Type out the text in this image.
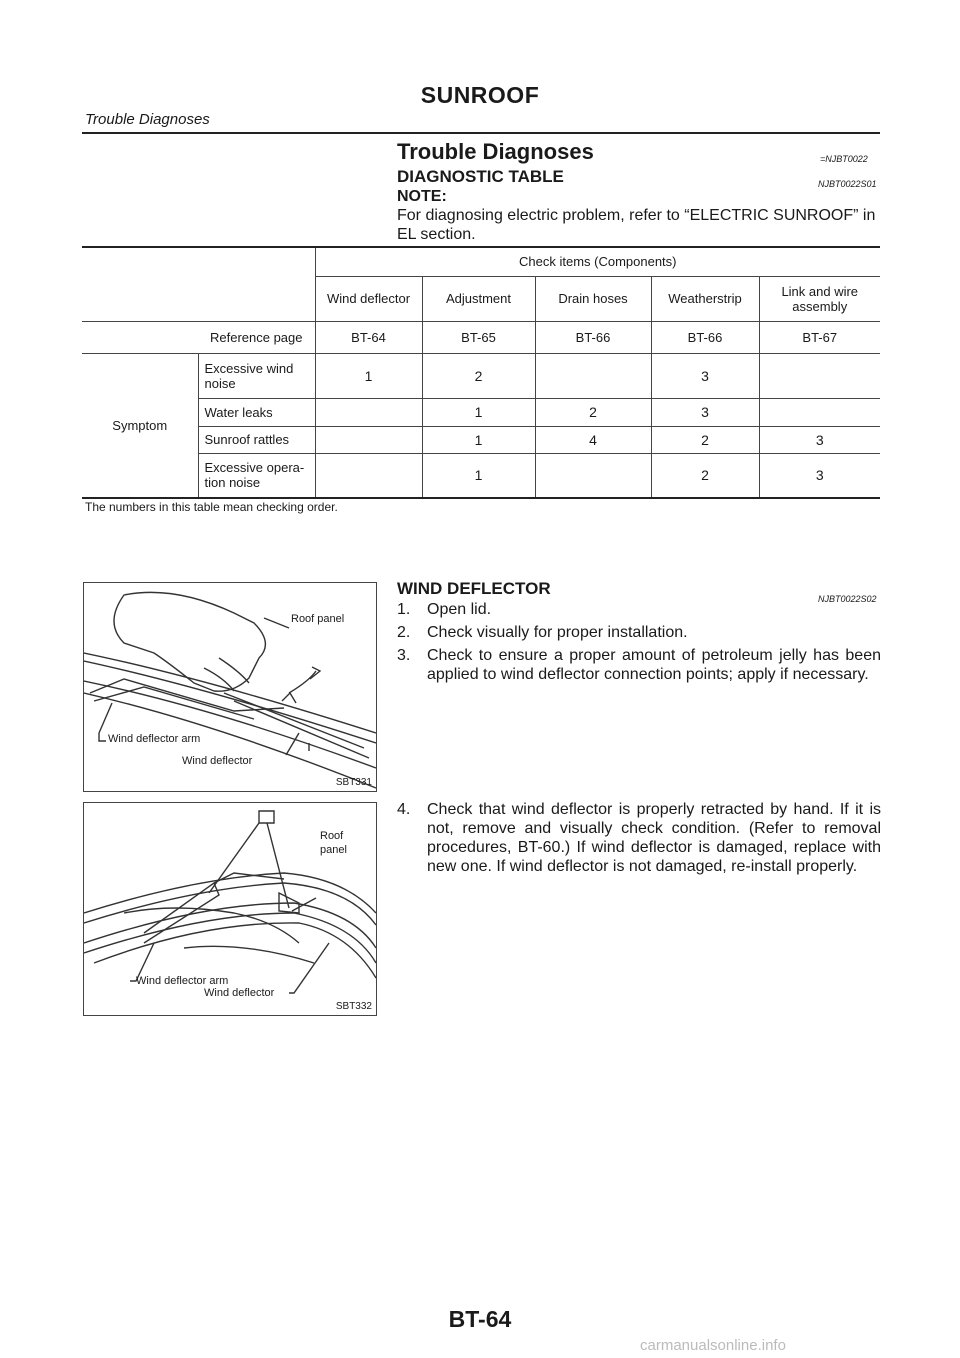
SUNROOF
Trouble Diagnoses
Trouble Diagnoses	=NJBT0022
DIAGNOSTIC TABLE	NJBT0022S01
NOTE:
For diagnosing electric problem, refer to “ELECTRIC SUNROOF” in EL section.
		Check items (Components)				
		Wind deflector	Adjustment	Drain hoses	Weatherstrip	Link and wire assembly
	Reference page	BT-64	BT-65	BT-66	BT-66	BT-67
Symptom	Excessive wind noise	1	2		3	
	Water leaks		1	2	3	
	Sunroof rattles		1	4	2	3
	Excessive opera-tion noise		1		2	3
The numbers in this table mean checking order.
Roof panel
Wind deflector arm
Wind deflector
SBT331
Roof panel
Wind deflector arm
Wind deflector
SBT332
WIND DEFLECTOR
NJBT0022S02
1. Open lid.
2. Check visually for proper installation.
3. Check to ensure a proper amount of petroleum jelly has been applied to wind deflector connection points; apply if necessary.
4. Check that wind deflector is properly retracted by hand. If it is not, remove and visually check condition. (Refer to removal procedures, BT-60.) If wind deflector is damaged, replace with new one. If wind deflector is not damaged, re-install properly.
BT-64
carmanualsonline.info
